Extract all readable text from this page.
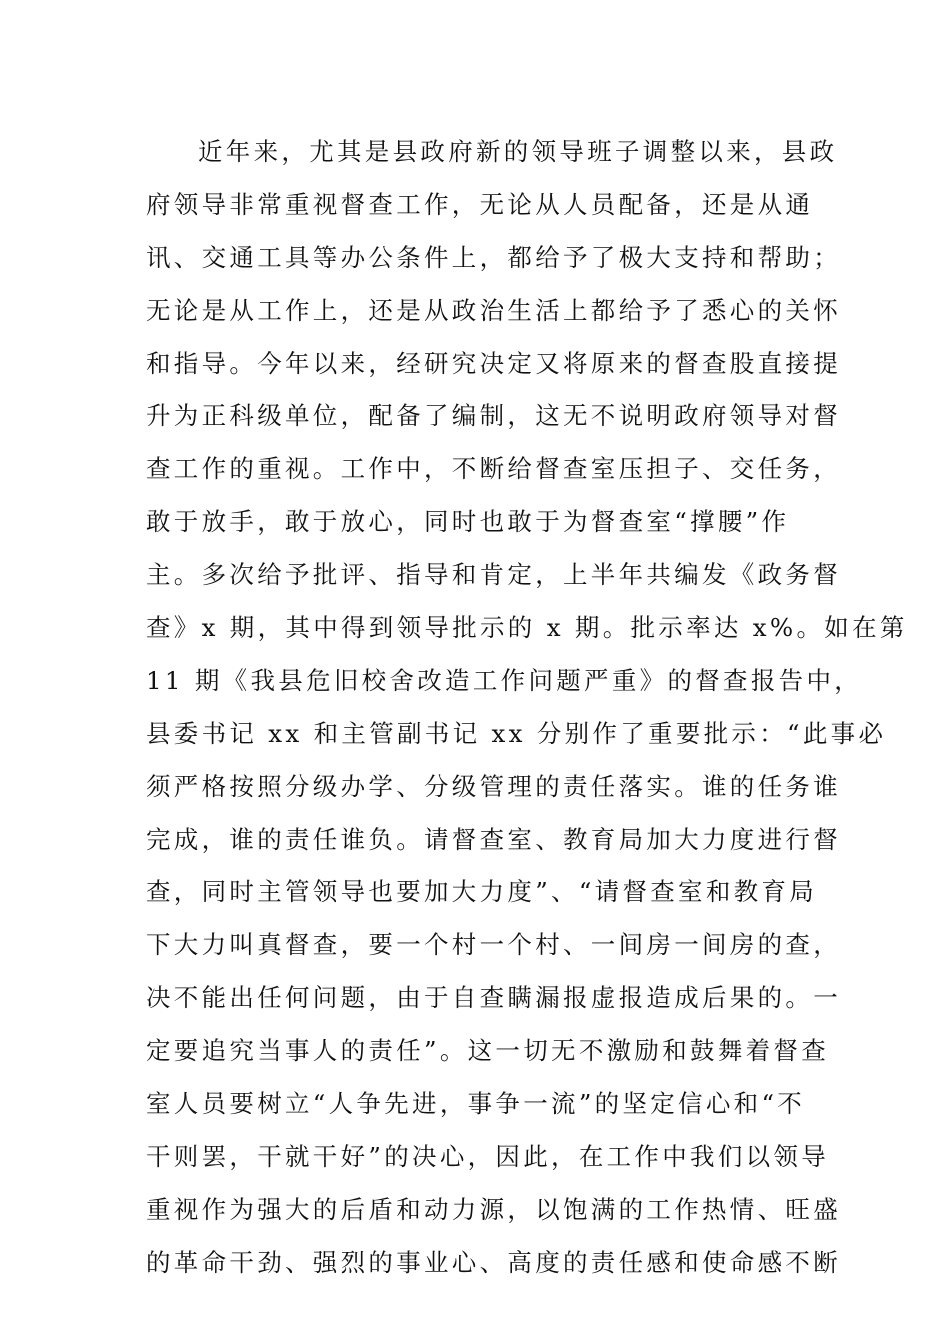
近年来，尤其是县政府新的领导班子调整以来，县政
府领导非常重视督查工作，无论从人员配备，还是从通
讯、交通工具等办公条件上，都给予了极大支持和帮助；
无论是从工作上，还是从政治生活上都给予了悉心的关怀
和指导。今年以来，经研究决定又将原来的督查股直接提
升为正科级单位，配备了编制，这无不说明政府领导对督
查工作的重视。工作中，不断给督查室压担子、交任务，
敢于放手，敢于放心，同时也敢于为督查室“撑腰”作
主。多次给予批评、指导和肯定，上半年共编发《政务督
查》x 期，其中得到领导批示的 x 期。批示率达 x%。如在第
11 期《我县危旧校舍改造工作问题严重》的督查报告中，
县委书记 xx 和主管副书记 xx 分别作了重要批示：“此事必
须严格按照分级办学、分级管理的责任落实。谁的任务谁
完成，谁的责任谁负。请督查室、教育局加大力度进行督
查，同时主管领导也要加大力度”、“请督查室和教育局
下大力叫真督查，要一个村一个村、一间房一间房的查，
决不能出任何问题，由于自查瞒漏报虚报造成后果的。一
定要追究当事人的责任”。这一切无不激励和鼓舞着督查
室人员要树立“人争先进，事争一流”的坚定信心和“不
干则罢，干就干好”的决心，因此，在工作中我们以领导
重视作为强大的后盾和动力源，以饱满的工作热情、旺盛
的革命干劲、强烈的事业心、高度的责任感和使命感不断
